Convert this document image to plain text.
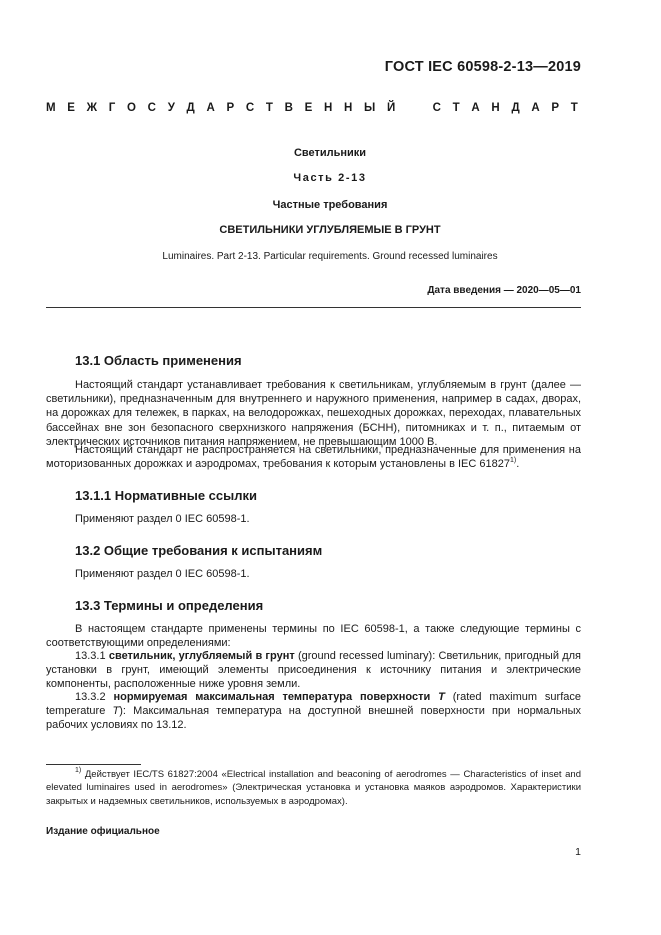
ГОСТ IEC 60598-2-13—2019
М Е Ж Г О С У Д А Р С Т В Е Н Н Ы Й	С Т А Н Д А Р Т
Светильники
Часть 2-13
Частные требования
СВЕТИЛЬНИКИ УГЛУБЛЯЕМЫЕ В ГРУНТ
Luminaires. Part 2-13. Particular requirements. Ground recessed luminaires
Дата введения — 2020—05—01
13.1 Область применения
Настоящий стандарт устанавливает требования к светильникам, углубляемым в грунт (далее — светильники), предназначенным для внутреннего и наружного применения, например в садах, дворах, на дорожках для тележек, в парках, на велодорожках, пешеходных дорожках, переходах, плавательных бассейнах вне зон безопасного сверхнизкого напряжения (БСНН), питомниках и т. п., питаемым от электрических источников питания напряжением, не превышающим 1000 В.
Настоящий стандарт не распространяется на светильники, предназначенные для применения на моторизованных дорожках и аэродромах, требования к которым установлены в IEC 61827$^{1)}$.
13.1.1 Нормативные ссылки
Применяют раздел 0 IEC 60598-1.
13.2 Общие требования к испытаниям
Применяют раздел 0 IEC 60598-1.
13.3 Термины и определения
В настоящем стандарте применены термины по IEC 60598-1, а также следующие термины с соответствующими определениями:
13.3.1 светильник, углубляемый в грунт (ground recessed luminary): Светильник, пригодный для установки в грунт, имеющий элементы присоединения к источнику питания и электрические компоненты, расположенные ниже уровня земли.
13.3.2 нормируемая максимальная температура поверхности T (rated maximum surface temperature T): Максимальная температура на доступной внешней поверхности при нормальных рабочих условиях по 13.12.
$^{1)}$ Действует IEC/TS 61827:2004 «Electrical installation and beaconing of aerodromes — Characteristics of inset and elevated luminaires used in aerodromes» (Электрическая установка и установка маяков аэродромов. Характеристики закрытых и надземных светильников, используемых в аэродромах).
Издание официальное
1
